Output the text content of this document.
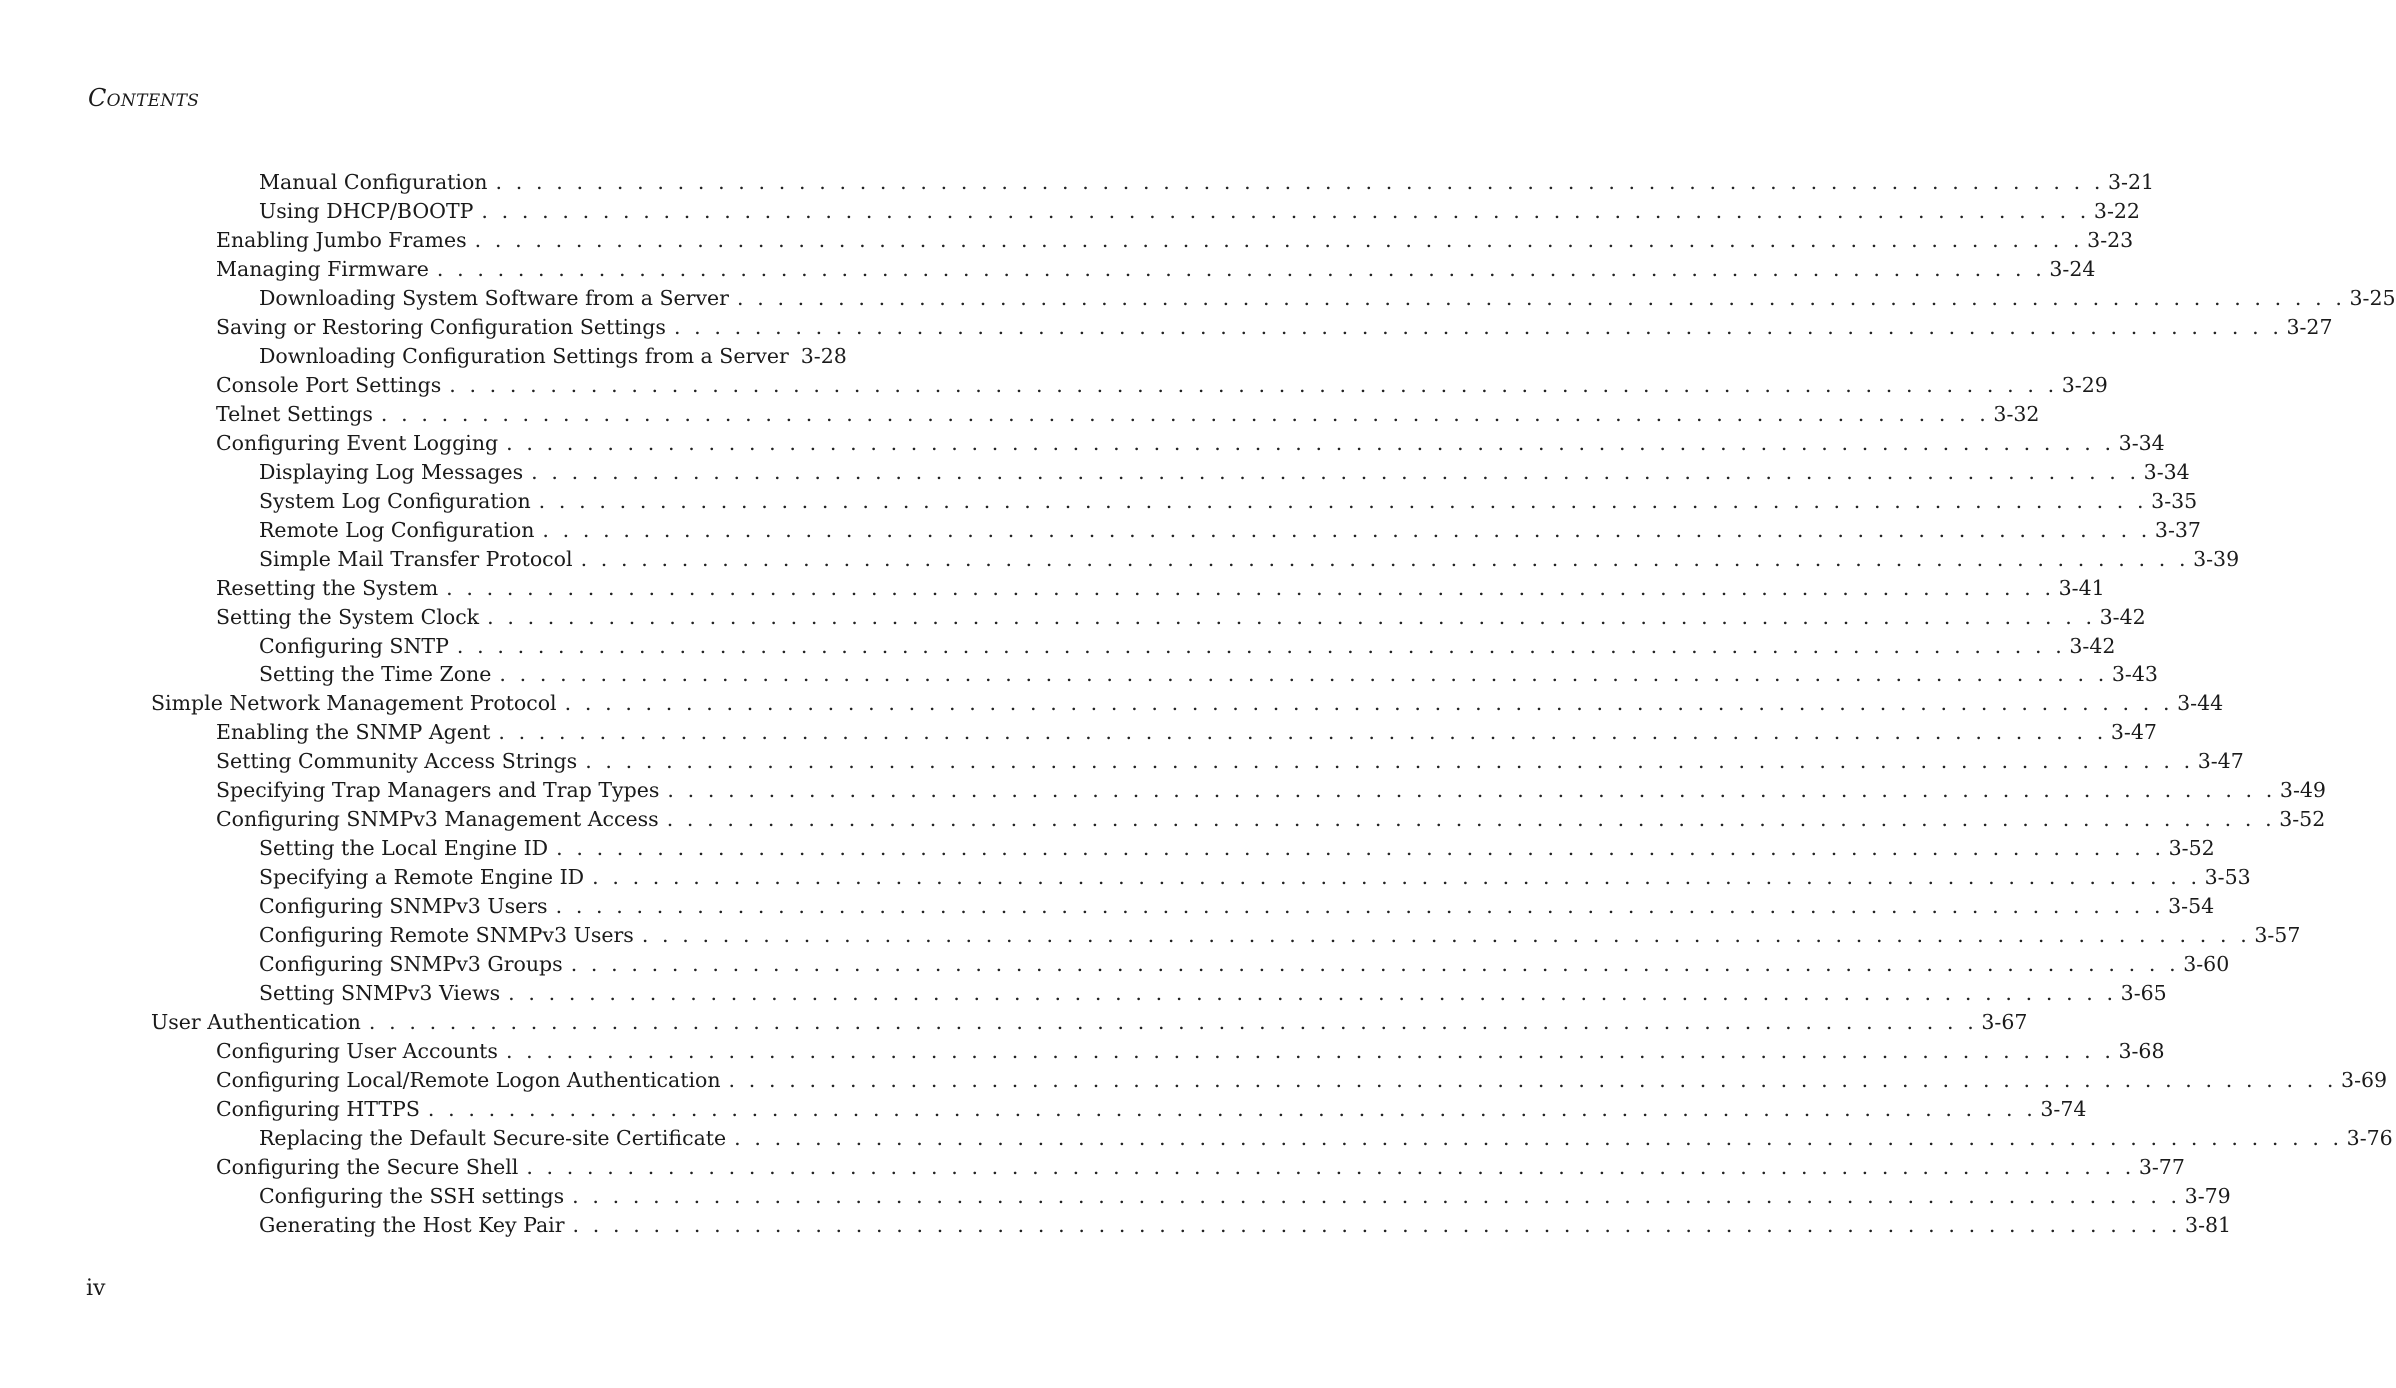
CONTENTS
Manual Configuration . . . . . . . . . . . . . . . . . . . . . . . . . . . . . . . . . . . . . . . . . . . . . . . . . . . . . . . . . . . . . . . . . . . . . . . . . . . . . . . . 3-21
Using DHCP/BOOTP . . . . . . . . . . . . . . . . . . . . . . . . . . . . . . . . . . . . . . . . . . . . . . . . . . . . . . . . . . . . . . . . . . . . . . . . . . . . . . . . 3-22
Enabling Jumbo Frames . . . . . . . . . . . . . . . . . . . . . . . . . . . . . . . . . . . . . . . . . . . . . . . . . . . . . . . . . . . . . . . . . . . . . . . . . . . . . . . . 3-23
Managing Firmware . . . . . . . . . . . . . . . . . . . . . . . . . . . . . . . . . . . . . . . . . . . . . . . . . . . . . . . . . . . . . . . . . . . . . . . . . . . . . . . . 3-24
Downloading System Software from a Server . . . . . . . . . . . . . . . . . . . . . . . . . . . . . . . . . . . . . . . . . . . . . . . . . . . . . . . . . . . . . . . . . . . . . . . . . . . . . . . . 3-25
Saving or Restoring Configuration Settings . . . . . . . . . . . . . . . . . . . . . . . . . . . . . . . . . . . . . . . . . . . . . . . . . . . . . . . . . . . . . . . . . . . . . . . . . . . . . . . . 3-27
Downloading Configuration Settings from a Server 3-28
Console Port Settings . . . . . . . . . . . . . . . . . . . . . . . . . . . . . . . . . . . . . . . . . . . . . . . . . . . . . . . . . . . . . . . . . . . . . . . . . . . . . . . . 3-29
Telnet Settings . . . . . . . . . . . . . . . . . . . . . . . . . . . . . . . . . . . . . . . . . . . . . . . . . . . . . . . . . . . . . . . . . . . . . . . . . . . . . . . . 3-32
Configuring Event Logging . . . . . . . . . . . . . . . . . . . . . . . . . . . . . . . . . . . . . . . . . . . . . . . . . . . . . . . . . . . . . . . . . . . . . . . . . . . . . . . . 3-34
Displaying Log Messages . . . . . . . . . . . . . . . . . . . . . . . . . . . . . . . . . . . . . . . . . . . . . . . . . . . . . . . . . . . . . . . . . . . . . . . . . . . . . . . . 3-34
System Log Configuration . . . . . . . . . . . . . . . . . . . . . . . . . . . . . . . . . . . . . . . . . . . . . . . . . . . . . . . . . . . . . . . . . . . . . . . . . . . . . . . . 3-35
Remote Log Configuration . . . . . . . . . . . . . . . . . . . . . . . . . . . . . . . . . . . . . . . . . . . . . . . . . . . . . . . . . . . . . . . . . . . . . . . . . . . . . . . . 3-37
Simple Mail Transfer Protocol . . . . . . . . . . . . . . . . . . . . . . . . . . . . . . . . . . . . . . . . . . . . . . . . . . . . . . . . . . . . . . . . . . . . . . . . . . . . . . . . 3-39
Resetting the System . . . . . . . . . . . . . . . . . . . . . . . . . . . . . . . . . . . . . . . . . . . . . . . . . . . . . . . . . . . . . . . . . . . . . . . . . . . . . . . . 3-41
Setting the System Clock . . . . . . . . . . . . . . . . . . . . . . . . . . . . . . . . . . . . . . . . . . . . . . . . . . . . . . . . . . . . . . . . . . . . . . . . . . . . . . . . 3-42
Configuring SNTP . . . . . . . . . . . . . . . . . . . . . . . . . . . . . . . . . . . . . . . . . . . . . . . . . . . . . . . . . . . . . . . . . . . . . . . . . . . . . . . . 3-42
Setting the Time Zone . . . . . . . . . . . . . . . . . . . . . . . . . . . . . . . . . . . . . . . . . . . . . . . . . . . . . . . . . . . . . . . . . . . . . . . . . . . . . . . . 3-43
Simple Network Management Protocol . . . . . . . . . . . . . . . . . . . . . . . . . . . . . . . . . . . . . . . . . . . . . . . . . . . . . . . . . . . . . . . . . . . . . . . . . . . . . . . . 3-44
Enabling the SNMP Agent . . . . . . . . . . . . . . . . . . . . . . . . . . . . . . . . . . . . . . . . . . . . . . . . . . . . . . . . . . . . . . . . . . . . . . . . . . . . . . . . 3-47
Setting Community Access Strings . . . . . . . . . . . . . . . . . . . . . . . . . . . . . . . . . . . . . . . . . . . . . . . . . . . . . . . . . . . . . . . . . . . . . . . . . . . . . . . . 3-47
Specifying Trap Managers and Trap Types . . . . . . . . . . . . . . . . . . . . . . . . . . . . . . . . . . . . . . . . . . . . . . . . . . . . . . . . . . . . . . . . . . . . . . . . . . . . . . . . 3-49
Configuring SNMPv3 Management Access . . . . . . . . . . . . . . . . . . . . . . . . . . . . . . . . . . . . . . . . . . . . . . . . . . . . . . . . . . . . . . . . . . . . . . . . . . . . . . . . 3-52
Setting the Local Engine ID . . . . . . . . . . . . . . . . . . . . . . . . . . . . . . . . . . . . . . . . . . . . . . . . . . . . . . . . . . . . . . . . . . . . . . . . . . . . . . . . 3-52
Specifying a Remote Engine ID . . . . . . . . . . . . . . . . . . . . . . . . . . . . . . . . . . . . . . . . . . . . . . . . . . . . . . . . . . . . . . . . . . . . . . . . . . . . . . . . 3-53
Configuring SNMPv3 Users . . . . . . . . . . . . . . . . . . . . . . . . . . . . . . . . . . . . . . . . . . . . . . . . . . . . . . . . . . . . . . . . . . . . . . . . . . . . . . . . 3-54
Configuring Remote SNMPv3 Users . . . . . . . . . . . . . . . . . . . . . . . . . . . . . . . . . . . . . . . . . . . . . . . . . . . . . . . . . . . . . . . . . . . . . . . . . . . . . . . . 3-57
Configuring SNMPv3 Groups . . . . . . . . . . . . . . . . . . . . . . . . . . . . . . . . . . . . . . . . . . . . . . . . . . . . . . . . . . . . . . . . . . . . . . . . . . . . . . . . 3-60
Setting SNMPv3 Views . . . . . . . . . . . . . . . . . . . . . . . . . . . . . . . . . . . . . . . . . . . . . . . . . . . . . . . . . . . . . . . . . . . . . . . . . . . . . . . . 3-65
User Authentication . . . . . . . . . . . . . . . . . . . . . . . . . . . . . . . . . . . . . . . . . . . . . . . . . . . . . . . . . . . . . . . . . . . . . . . . . . . . . . . . 3-67
Configuring User Accounts . . . . . . . . . . . . . . . . . . . . . . . . . . . . . . . . . . . . . . . . . . . . . . . . . . . . . . . . . . . . . . . . . . . . . . . . . . . . . . . . 3-68
Configuring Local/Remote Logon Authentication . . . . . . . . . . . . . . . . . . . . . . . . . . . . . . . . . . . . . . . . . . . . . . . . . . . . . . . . . . . . . . . . . . . . . . . . . . . . . . . . 3-69
Configuring HTTPS . . . . . . . . . . . . . . . . . . . . . . . . . . . . . . . . . . . . . . . . . . . . . . . . . . . . . . . . . . . . . . . . . . . . . . . . . . . . . . . . 3-74
Replacing the Default Secure-site Certificate . . . . . . . . . . . . . . . . . . . . . . . . . . . . . . . . . . . . . . . . . . . . . . . . . . . . . . . . . . . . . . . . . . . . . . . . . . . . . . . . 3-76
Configuring the Secure Shell . . . . . . . . . . . . . . . . . . . . . . . . . . . . . . . . . . . . . . . . . . . . . . . . . . . . . . . . . . . . . . . . . . . . . . . . . . . . . . . . 3-77
Configuring the SSH settings . . . . . . . . . . . . . . . . . . . . . . . . . . . . . . . . . . . . . . . . . . . . . . . . . . . . . . . . . . . . . . . . . . . . . . . . . . . . . . . . 3-79
Generating the Host Key Pair . . . . . . . . . . . . . . . . . . . . . . . . . . . . . . . . . . . . . . . . . . . . . . . . . . . . . . . . . . . . . . . . . . . . . . . . . . . . . . . . 3-81
iv
